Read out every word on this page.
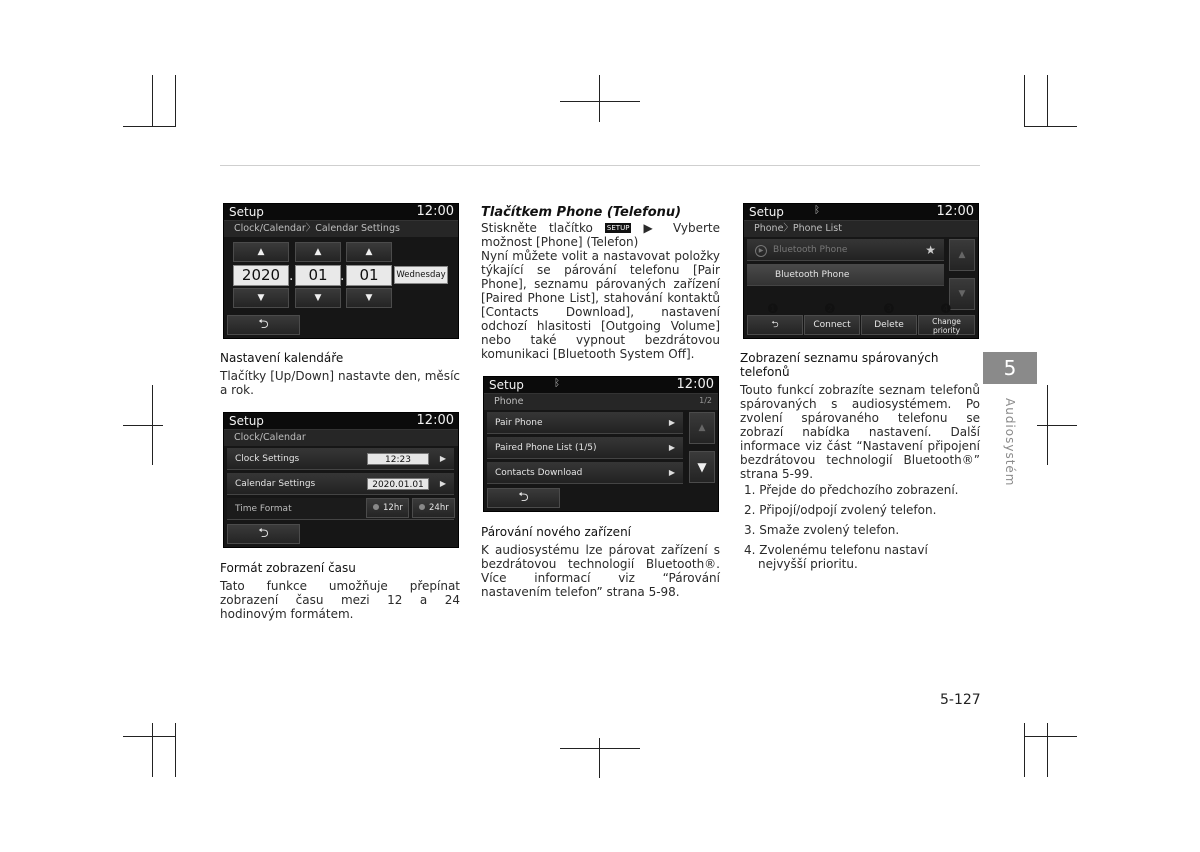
5
Audiosystém
Setup	12:00
Clock/Calendar〉Calendar Settings
▲	▲	▲
2020 .	01 .	01	Wednesday
▼	▼	▼
⮌
Nastavení kalendáře

Tlačítky [Up/Down] nastavte den, měsíc a rok.

Setup	12:00
Clock/Calendar
Clock Settings	12:23	▶
Calendar Settings	2020.01.01	▶
Time Format	12hr	24hr
⮌
Formát zobrazení času

Tato funkce umožňuje přepínat zobrazení času mezi 12 a 24 hodinovým formátem.

Tlačítkem Phone (Telefonu)

Stiskněte tlačítko SETUP ▶ Vyberte možnost [Phone] (Telefon)

Nyní můžete volit a nastavovat položky týkající se párování telefonu [Pair Phone], seznamu párovaných zařízení [Paired Phone List], stahování kontaktů [Contacts Download], nastavení odchozí hlasitosti [Outgoing Volume] nebo také vypnout bezdrátovou komunikaci [Bluetooth System Off].

Setup	ᛒ	12:00
Phone	1/2
Pair Phone	▶
Paired Phone List (1/5)	▶
Contacts Download	▶
▲
▼
⮌
Párování nového zařízení

K audiosystému lze párovat zařízení s bezdrátovou technologií Bluetooth®. Více informací viz “Párování nastavením telefon” strana 5-98.

Setup	ᛒ	12:00
Phone〉Phone List
▶ Bluetooth Phone	★
Bluetooth Phone
▲
▼
⮌	Connect	Delete	Change priority
❶	❷	❸	❹
Zobrazení seznamu spárovaných telefonů

Touto funkcí zobrazíte seznam telefonů spárovaných s audiosystémem. Po zvolení spárovaného telefonu se zobrazí nabídka nastavení. Další informace viz část “Nastavení připojení bezdrátovou technologií Bluetooth®” strana 5-99.

1. Přejde do předchozího zobrazení.
2. Připojí/odpojí zvolený telefon.
3. Smaže zvolený telefon.
4. Zvolenému telefonu nastaví nejvyšší prioritu.
5-127
